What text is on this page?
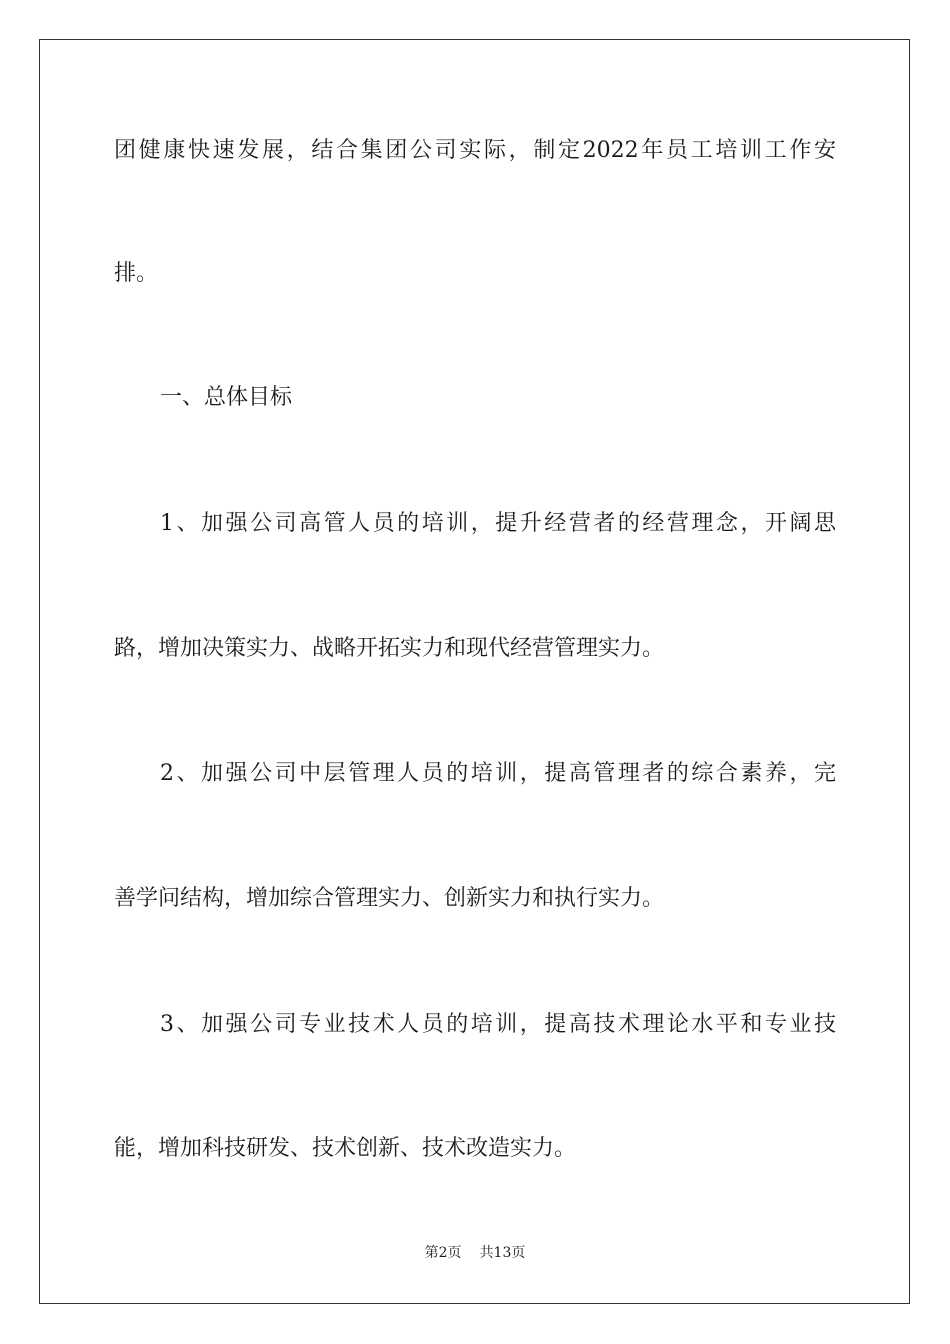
团健康快速发展，结合集团公司实际，制定2022年员工培训工作安

排。

一、总体目标

1、加强公司高管人员的培训，提升经营者的经营理念，开阔思

路，增加决策实力、战略开拓实力和现代经营管理实力。

2、加强公司中层管理人员的培训，提高管理者的综合素养，完

善学问结构，增加综合管理实力、创新实力和执行实力。

3、加强公司专业技术人员的培训，提高技术理论水平和专业技

能，增加科技研发、技术创新、技术改造实力。

第2页 共13页
